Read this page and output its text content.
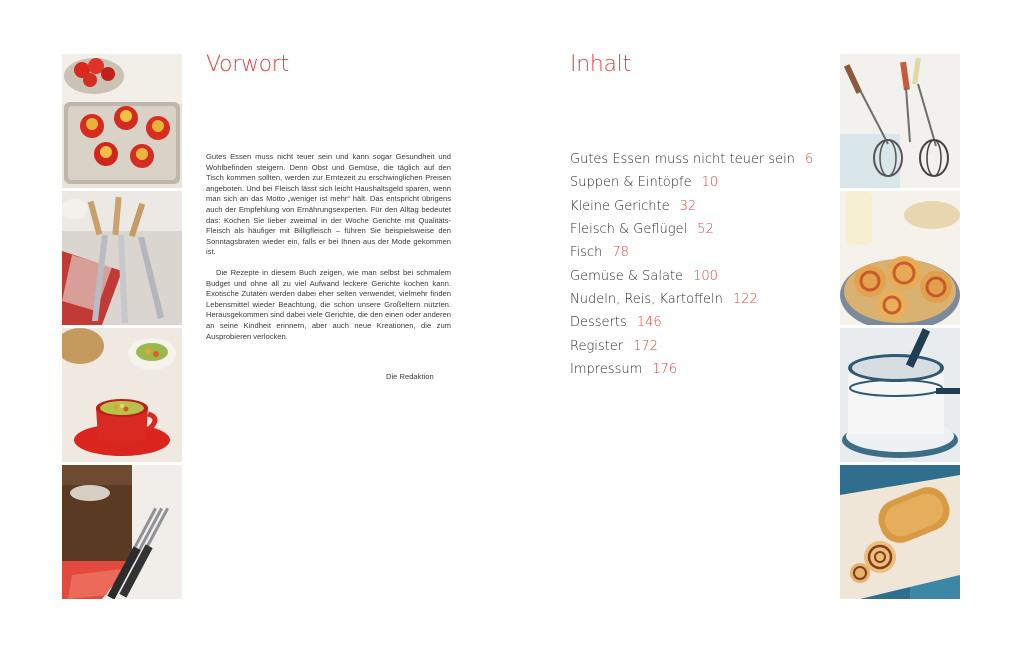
Vorwort

Gutes Essen muss nicht teuer sein und kann sogar Gesundheit und Wohlbefinden steigern. Denn Obst und Gemüse, die täglich auf den Tisch kommen sollten, werden zur Erntezeit zu erschwinglichen Preisen angeboten. Und bei Fleisch lässt sich leicht Haushaltsgeld sparen, wenn man sich an das Motto „weniger ist mehr“ hält. Das entspricht übrigens auch der Empfehlung von Ernährungsexperten. Für den Alltag bedeutet das: Kochen Sie lieber zweimal in der Woche Gerichte mit Qualitäts-Fleisch als häufiger mit Billigfleisch – führen Sie beispielsweise den Sonntagsbraten wieder ein, falls er bei Ihnen aus der Mode gekommen ist.

Die Rezepte in diesem Buch zeigen, wie man selbst bei schmalem Budget und ohne all zu viel Aufwand leckere Gerichte kochen kann. Exotische Zutaten werden dabei eher selten verwendet, vielmehr finden Lebensmittel wieder Beachtung, die schon unsere Großeltern nutzten. Herausgekommen sind dabei viele Gerichte, die den einen oder anderen an seine Kindheit erinnern, aber auch neue Kreationen, die zum Ausprobieren verlocken.

Die Redaktion
Inhalt
Gutes Essen muss nicht teuer sein 6
Suppen & Eintöpfe 10
Kleine Gerichte 32
Fleisch & Geflügel 52
Fisch 78
Gemüse & Salate 100
Nudeln, Reis, Kartoffeln 122
Desserts 146
Register 172
Impressum 176
